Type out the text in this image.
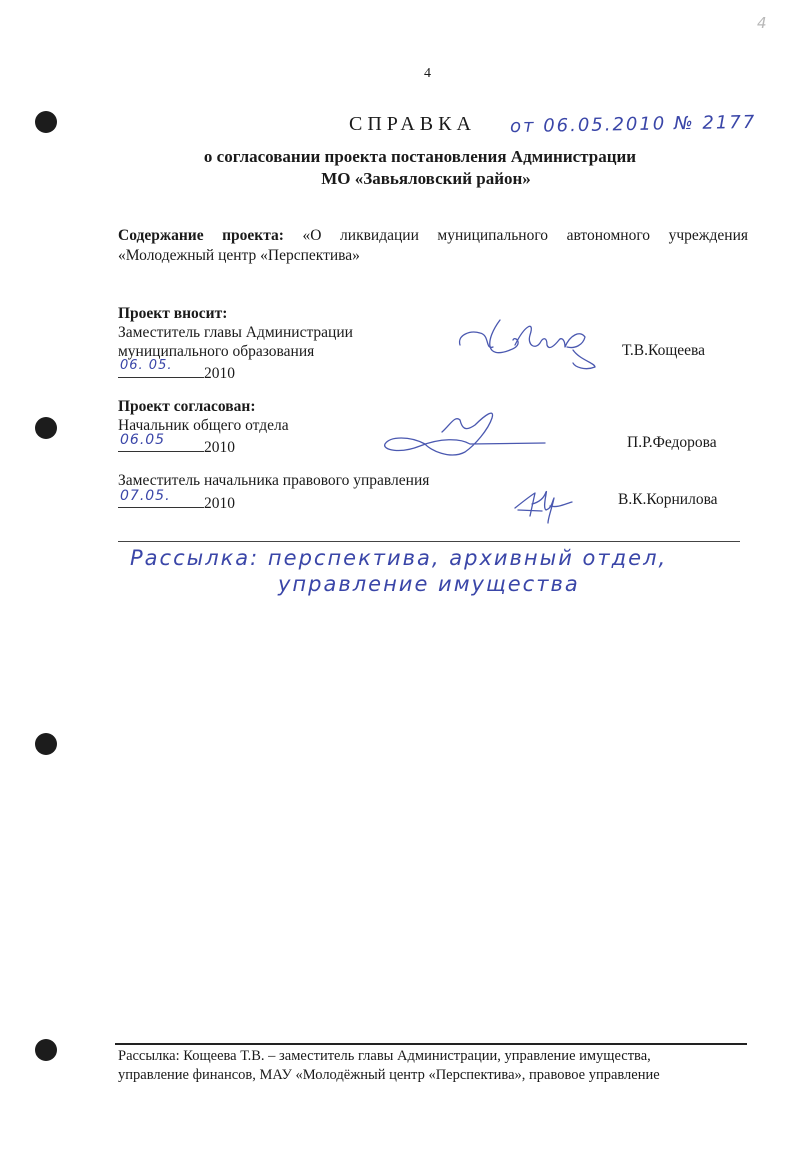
4
4
СПРАВКА от 06.05.2010 № 2177
о согласовании проекта постановления Администрации
МО «Завьяловский район»
Содержание проекта: «О ликвидации муниципального автономного учреждения
«Молодежный центр «Перспектива»
Проект вносит:
Заместитель главы Администрации
муниципального образования
06. 05. 2010
Т.В.Кощеева
Проект согласован:
Начальник общего отдела
06.05	2010	П.Р.Федорова
Заместитель начальника правового управления
07.05. 2010	В.К.Корнилова
Рассылка: перспектива, архивный отдел,
управление имущества
Рассылка: Кощеева Т.В. – заместитель главы Администрации, управление имущества,
управление финансов, МАУ «Молодёжный центр «Перспектива», правовое управление
